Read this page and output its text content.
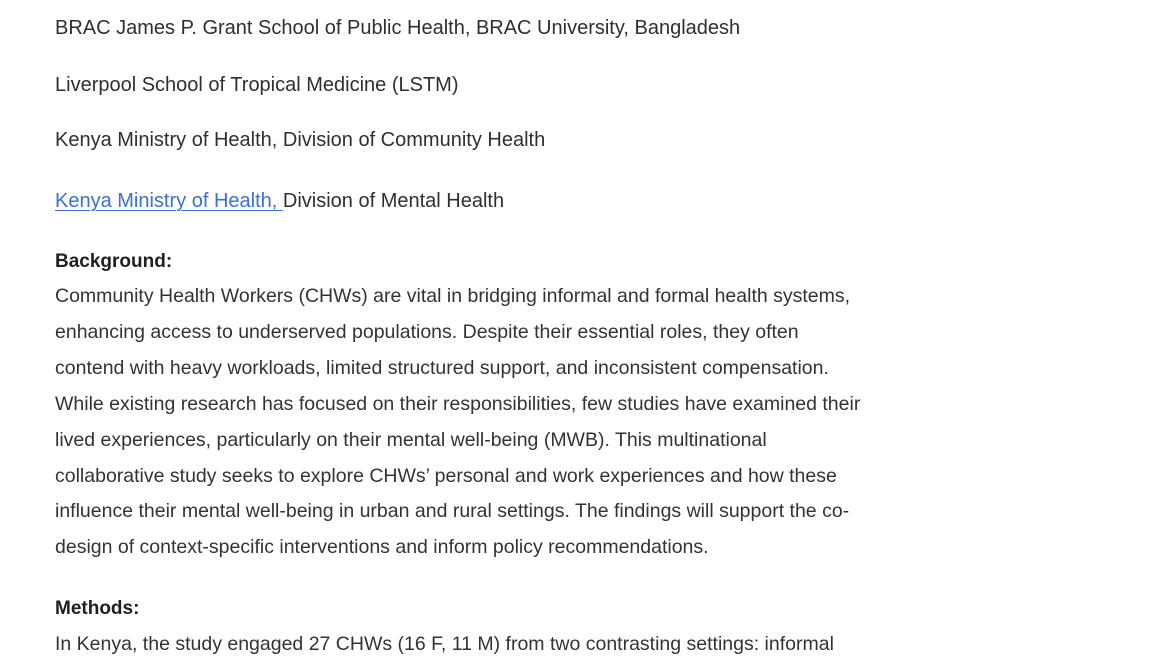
BRAC James P. Grant School of Public Health, BRAC University, Bangladesh
Liverpool School of Tropical Medicine (LSTM)
Kenya Ministry of Health, Division of Community Health
Kenya Ministry of Health, Division of Mental Health
Background:
Community Health Workers (CHWs) are vital in bridging informal and formal health systems,
enhancing access to underserved populations. Despite their essential roles, they often
contend with heavy workloads, limited structured support, and inconsistent compensation.
While existing research has focused on their responsibilities, few studies have examined their
lived experiences, particularly on their mental well-being (MWB). This multinational
collaborative study seeks to explore CHWs’ personal and work experiences and how these
influence their mental well-being in urban and rural settings. The findings will support the co-
design of context-specific interventions and inform policy recommendations.
Methods:
In Kenya, the study engaged 27 CHWs (16 F, 11 M) from two contrasting settings: informal
